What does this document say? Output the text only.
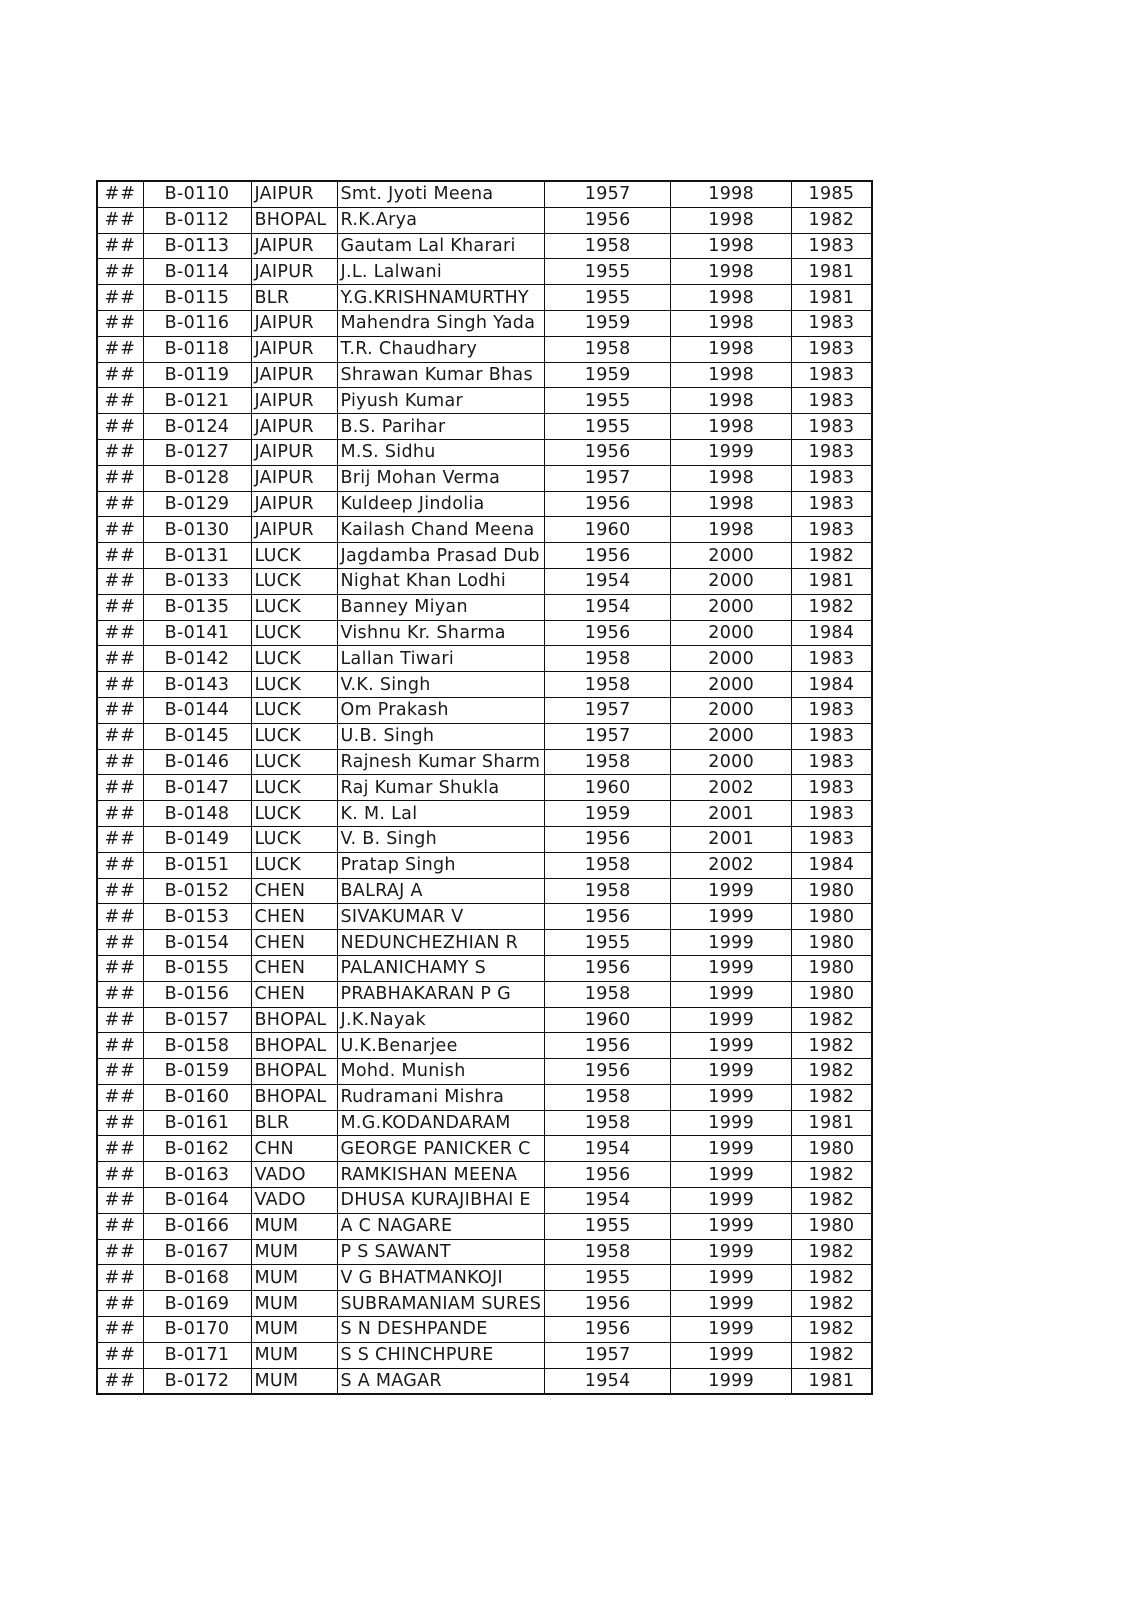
##	B-0110	JAIPUR	Smt. Jyoti Meena	1957	1998	1985
##	B-0112	BHOPAL	R.K.Arya	1956	1998	1982
##	B-0113	JAIPUR	Gautam Lal Kharari	1958	1998	1983
##	B-0114	JAIPUR	J.L. Lalwani	1955	1998	1981
##	B-0115	BLR	Y.G.KRISHNAMURTHY	1955	1998	1981
##	B-0116	JAIPUR	Mahendra Singh Yada	1959	1998	1983
##	B-0118	JAIPUR	T.R. Chaudhary	1958	1998	1983
##	B-0119	JAIPUR	Shrawan Kumar Bhas	1959	1998	1983
##	B-0121	JAIPUR	Piyush Kumar	1955	1998	1983
##	B-0124	JAIPUR	B.S. Parihar	1955	1998	1983
##	B-0127	JAIPUR	M.S. Sidhu	1956	1999	1983
##	B-0128	JAIPUR	Brij Mohan Verma	1957	1998	1983
##	B-0129	JAIPUR	Kuldeep Jindolia	1956	1998	1983
##	B-0130	JAIPUR	Kailash Chand Meena	1960	1998	1983
##	B-0131	LUCK	Jagdamba Prasad Dub	1956	2000	1982
##	B-0133	LUCK	Nighat Khan Lodhi	1954	2000	1981
##	B-0135	LUCK	Banney Miyan	1954	2000	1982
##	B-0141	LUCK	Vishnu Kr. Sharma	1956	2000	1984
##	B-0142	LUCK	Lallan Tiwari	1958	2000	1983
##	B-0143	LUCK	V.K. Singh	1958	2000	1984
##	B-0144	LUCK	Om Prakash	1957	2000	1983
##	B-0145	LUCK	U.B. Singh	1957	2000	1983
##	B-0146	LUCK	Rajnesh Kumar Sharm	1958	2000	1983
##	B-0147	LUCK	Raj Kumar Shukla	1960	2002	1983
##	B-0148	LUCK	K. M. Lal	1959	2001	1983
##	B-0149	LUCK	V. B. Singh	1956	2001	1983
##	B-0151	LUCK	Pratap Singh	1958	2002	1984
##	B-0152	CHEN	BALRAJ A	1958	1999	1980
##	B-0153	CHEN	SIVAKUMAR V	1956	1999	1980
##	B-0154	CHEN	NEDUNCHEZHIAN R	1955	1999	1980
##	B-0155	CHEN	PALANICHAMY S	1956	1999	1980
##	B-0156	CHEN	PRABHAKARAN P G	1958	1999	1980
##	B-0157	BHOPAL	J.K.Nayak	1960	1999	1982
##	B-0158	BHOPAL	U.K.Benarjee	1956	1999	1982
##	B-0159	BHOPAL	Mohd. Munish	1956	1999	1982
##	B-0160	BHOPAL	Rudramani Mishra	1958	1999	1982
##	B-0161	BLR	M.G.KODANDARAM	1958	1999	1981
##	B-0162	CHN	GEORGE PANICKER C	1954	1999	1980
##	B-0163	VADO	RAMKISHAN MEENA	1956	1999	1982
##	B-0164	VADO	DHUSA KURAJIBHAI E	1954	1999	1982
##	B-0166	MUM	A C NAGARE	1955	1999	1980
##	B-0167	MUM	P S SAWANT	1958	1999	1982
##	B-0168	MUM	V G BHATMANKOJI	1955	1999	1982
##	B-0169	MUM	SUBRAMANIAM SURES	1956	1999	1982
##	B-0170	MUM	S N DESHPANDE	1956	1999	1982
##	B-0171	MUM	S S CHINCHPURE	1957	1999	1982
##	B-0172	MUM	S A MAGAR	1954	1999	1981
